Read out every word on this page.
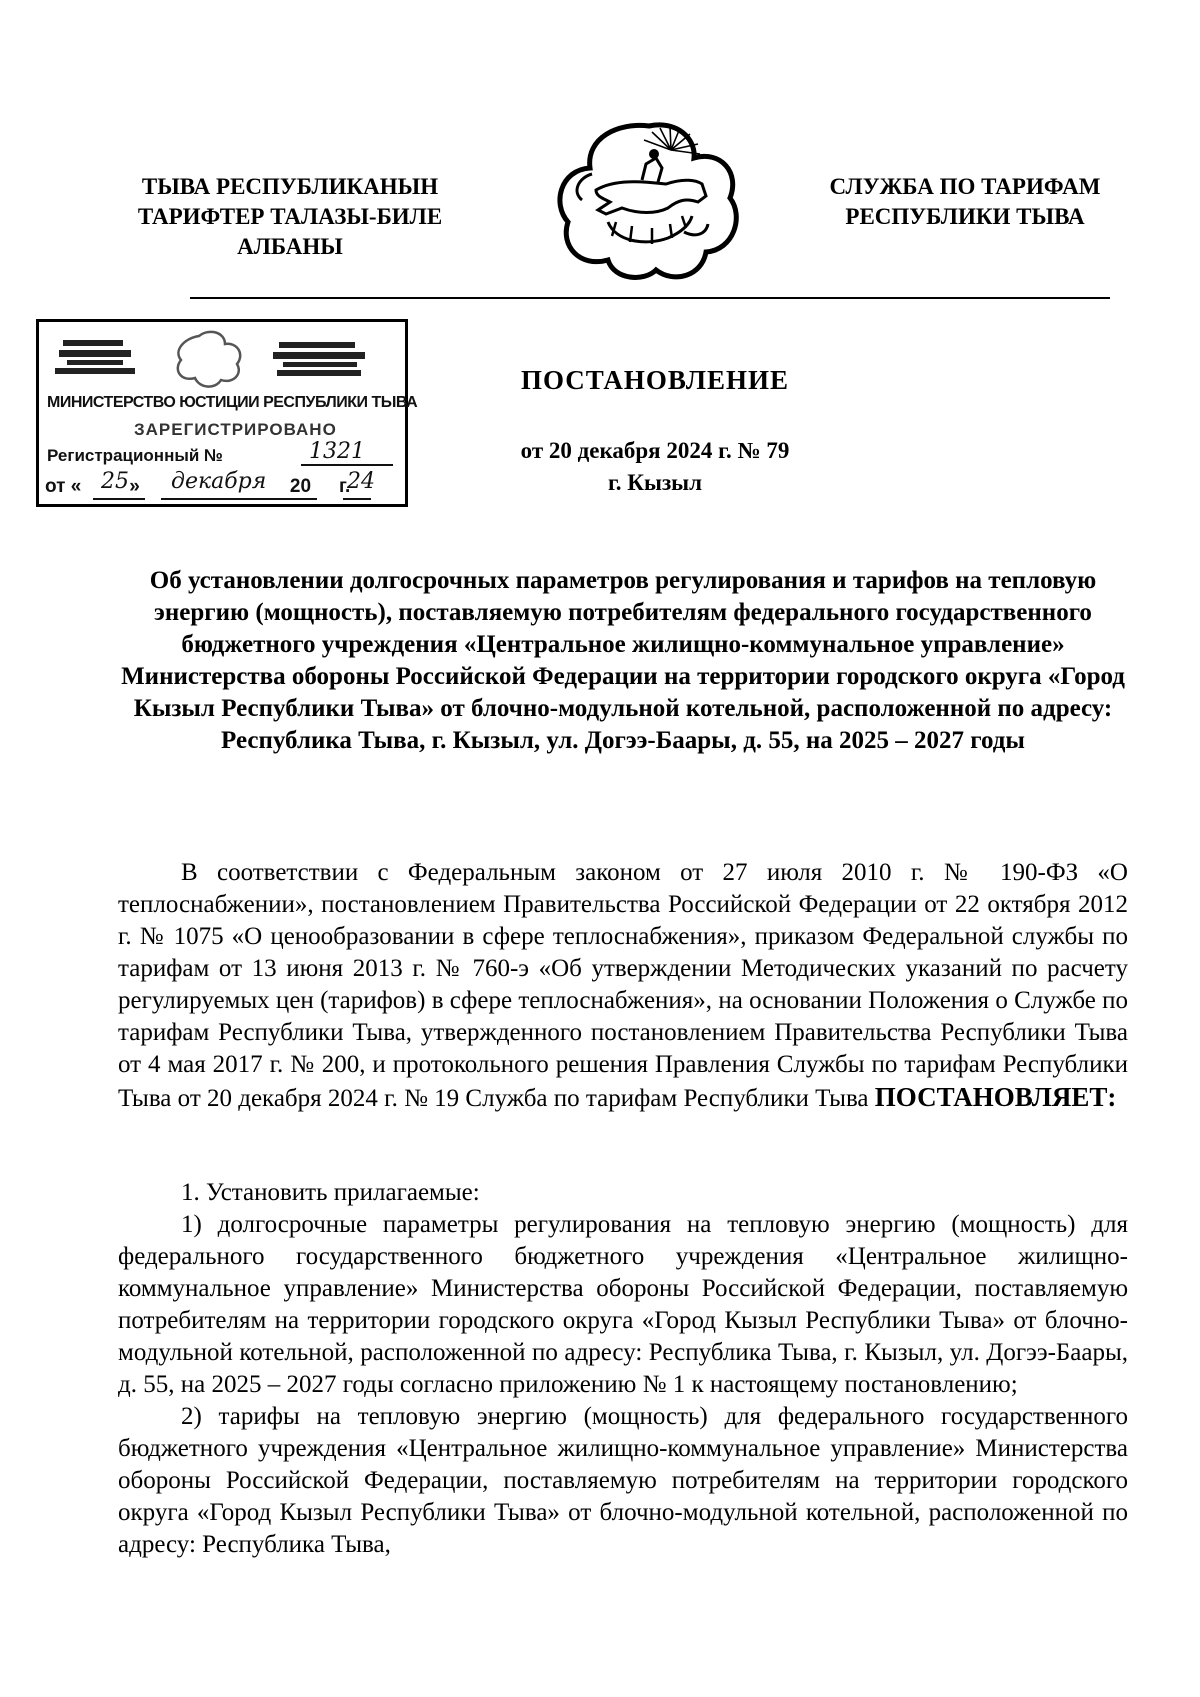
ТЫВА РЕСПУБЛИКАНЫН
ТАРИФТЕР ТАЛАЗЫ-БИЛЕ
АЛБАНЫ
СЛУЖБА ПО ТАРИФАМ
РЕСПУБЛИКИ ТЫВА
МИНИСТЕРСТВО ЮСТИЦИИ РЕСПУБЛИКИ ТЫВА
ЗАРЕГИСТРИРОВАНО
Регистрационный №	1321
от «	»	20 г.
25 декабря	24
ПОСТАНОВЛЕНИЕ
от 20 декабря 2024 г. № 79
г. Кызыл
Об установлении долгосрочных параметров регулирования и тарифов на тепловую энергию (мощность), поставляемую потребителям федерального государственного бюджетного учреждения «Центральное жилищно-коммунальное управление» Министерства обороны Российской Федерации на территории городского округа «Город Кызыл Республики Тыва» от блочно-модульной котельной, расположенной по адресу: Республика Тыва, г. Кызыл, ул. Догээ-Баары, д. 55, на 2025 – 2027 годы
В соответствии с Федеральным законом от 27 июля 2010 г. № 190-ФЗ «О теплоснабжении», постановлением Правительства Российской Федерации от 22 октября 2012 г. № 1075 «О ценообразовании в сфере теплоснабжения», приказом Федеральной службы по тарифам от 13 июня 2013 г. № 760-э «Об утверждении Методических указаний по расчету регулируемых цен (тарифов) в сфере теплоснабжения», на основании Положения о Службе по тарифам Республики Тыва, утвержденного постановлением Правительства Республики Тыва от 4 мая 2017 г. № 200, и протокольного решения Правления Службы по тарифам Республики Тыва от 20 декабря 2024 г. № 19 Служба по тарифам Республики Тыва ПОСТАНОВЛЯЕТ:
1. Установить прилагаемые:
1) долгосрочные параметры регулирования на тепловую энергию (мощность) для федерального государственного бюджетного учреждения «Центральное жилищно-коммунальное управление» Министерства обороны Российской Федерации, поставляемую потребителям на территории городского округа «Город Кызыл Республики Тыва» от блочно-модульной котельной, расположенной по адресу: Республика Тыва, г. Кызыл, ул. Догээ-Баары, д. 55, на 2025 – 2027 годы согласно приложению № 1 к настоящему постановлению;
2) тарифы на тепловую энергию (мощность) для федерального государственного бюджетного учреждения «Центральное жилищно-коммунальное управление» Министерства обороны Российской Федерации, поставляемую потребителям на территории городского округа «Город Кызыл Республики Тыва» от блочно-модульной котельной, расположенной по адресу: Республика Тыва,
